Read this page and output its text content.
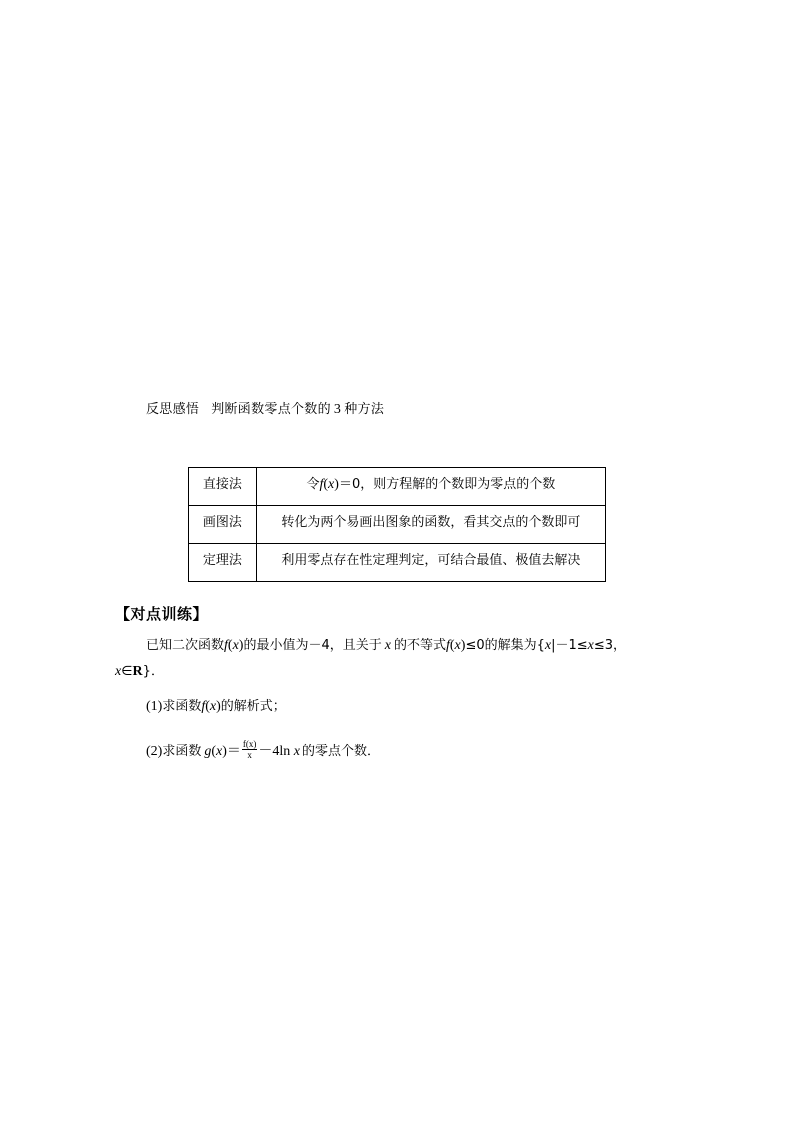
反思感悟 判断函数零点个数的 3 种方法
直接法	令f(x)＝0，则方程解的个数即为零点的个数
画图法	转化为两个易画出图象的函数，看其交点的个数即可
定理法	利用零点存在性定理判定，可结合最值、极值去解决
【对点训练】
已知二次函数f(x)的最小值为－4，且关于 x 的不等式f(x)≤0的解集为{x|－1≤x≤3，
x∈R}．
(1)求函数f(x)的解析式；
(2)求函数 $g(x)= \frac{f(x)}{x} -4\ln$ x 的零点个数．
